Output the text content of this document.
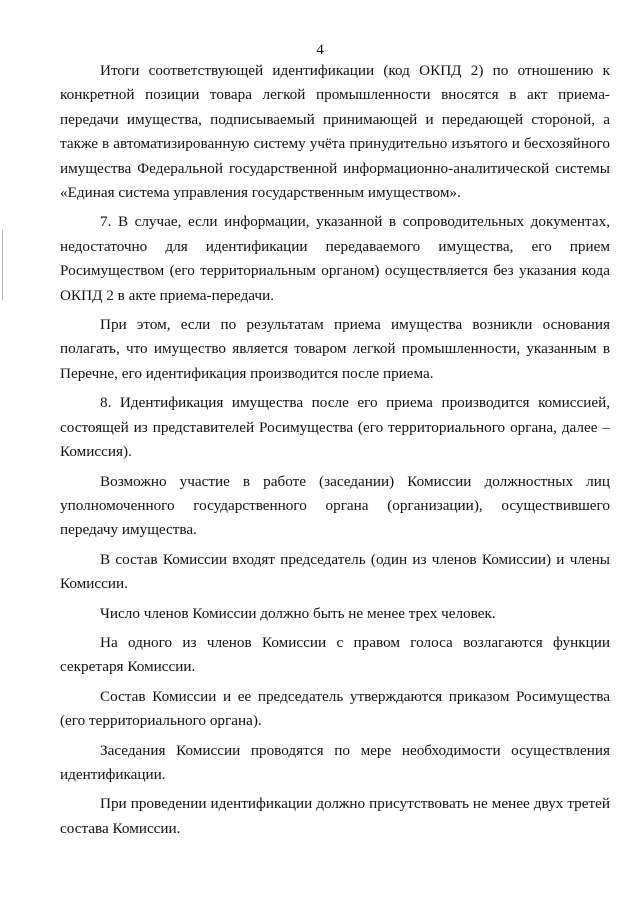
4

Итоги соответствующей идентификации (код ОКПД 2) по отношению к конкретной позиции товара легкой промышленности вносятся в акт приема-передачи имущества, подписываемый принимающей и передающей стороной, а также в автоматизированную систему учёта принудительно изъятого и бесхозяйного имущества Федеральной государственной информационно-аналитической системы «Единая система управления государственным имуществом».

7. В случае, если информации, указанной в сопроводительных документах, недостаточно для идентификации передаваемого имущества, его прием Росимуществом (его территориальным органом) осуществляется без указания кода ОКПД 2 в акте приема-передачи.

При этом, если по результатам приема имущества возникли основания полагать, что имущество является товаром легкой промышленности, указанным в Перечне, его идентификация производится после приема.

8. Идентификация имущества после его приема производится комиссией, состоящей из представителей Росимущества (его территориального органа, далее – Комиссия).

Возможно участие в работе (заседании) Комиссии должностных лиц уполномоченного государственного органа (организации), осуществившего передачу имущества.

В состав Комиссии входят председатель (один из членов Комиссии) и члены Комиссии.

Число членов Комиссии должно быть не менее трех человек.

На одного из членов Комиссии с правом голоса возлагаются функции секретаря Комиссии.

Состав Комиссии и ее председатель утверждаются приказом Росимущества (его территориального органа).

Заседания Комиссии проводятся по мере необходимости осуществления идентификации.

При проведении идентификации должно присутствовать не менее двух третей состава Комиссии.
